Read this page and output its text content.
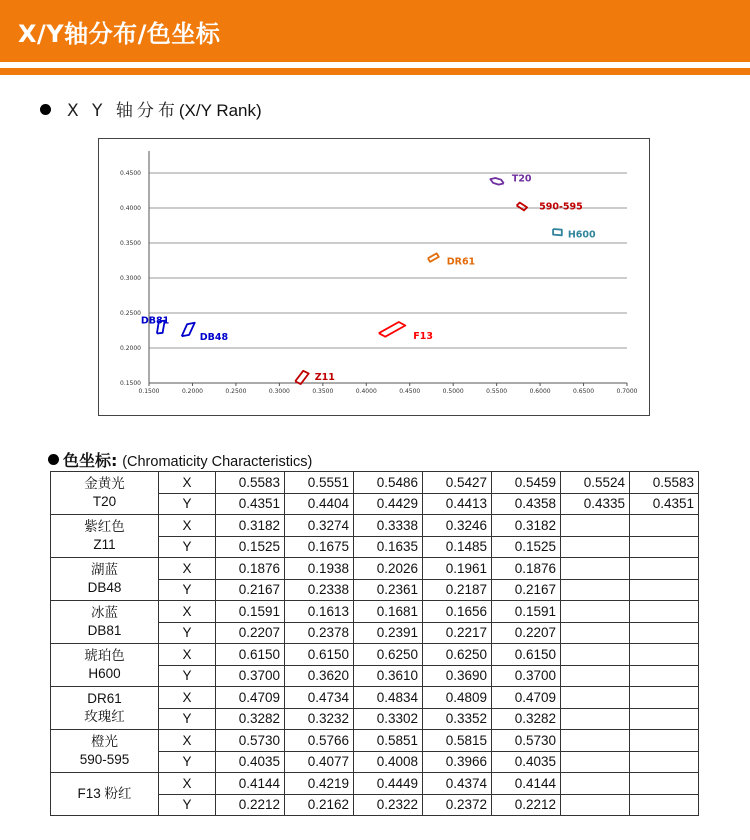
X/Y轴分布/色坐标
X Y 轴分布(X/Y Rank)
0.1500
0.2000
0.2500
0.3000
0.3500
0.4000
0.4500
0.1500	0.2000	0.2500	0.3000	0.3500	0.4000	0.4500	0.5000	0.5500	0.6000	0.6500	0.7000
T20
590-595
H600
DR61
F13
DB81
DB48
Z11
色坐标: (Chromaticity Characteristics)
金黄光
T20	X	0.5583	0.5551	0.5486	0.5427	0.5459	0.5524	0.5583
	Y	0.4351	0.4404	0.4429	0.4413	0.4358	0.4335	0.4351

紫红色
Z11	X	0.3182	0.3274	0.3338	0.3246	0.3182		
	Y	0.1525	0.1675	0.1635	0.1485	0.1525		

湖蓝
DB48	X	0.1876	0.1938	0.2026	0.1961	0.1876		
	Y	0.2167	0.2338	0.2361	0.2187	0.2167		

冰蓝
DB81	X	0.1591	0.1613	0.1681	0.1656	0.1591		
	Y	0.2207	0.2378	0.2391	0.2217	0.2207		

琥珀色
H600	X	0.6150	0.6150	0.6250	0.6250	0.6150		
	Y	0.3700	0.3620	0.3610	0.3690	0.3700		

DR61
玫瑰红	X	0.4709	0.4734	0.4834	0.4809	0.4709		
	Y	0.3282	0.3232	0.3302	0.3352	0.3282		

橙光
590-595	X	0.5730	0.5766	0.5851	0.5815	0.5730		
	Y	0.4035	0.4077	0.4008	0.3966	0.4035		

F13 粉红	X	0.4144	0.4219	0.4449	0.4374	0.4144		
	Y	0.2212	0.2162	0.2322	0.2372	0.2212		
